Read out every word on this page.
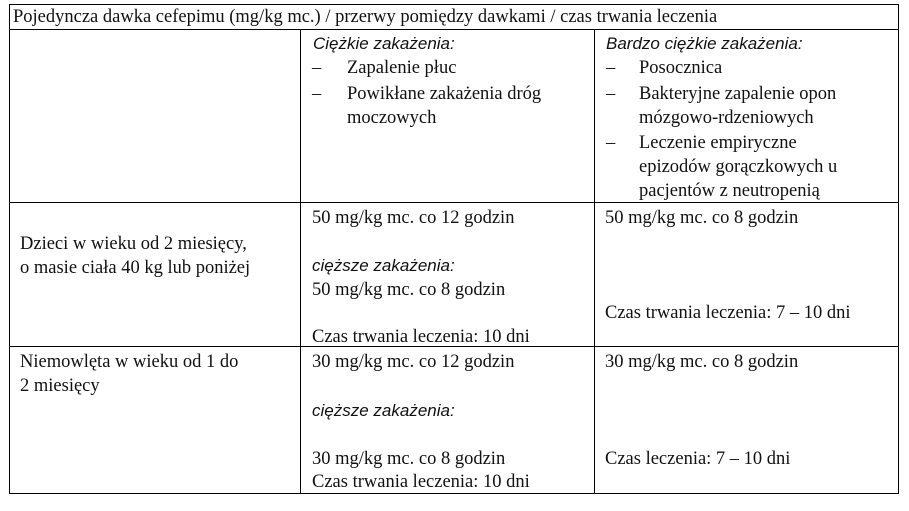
Pojedyncza dawka cefepimu (mg/kg mc.) / przerwy pomiędzy dawkami / czas trwania leczenia
Ciężkie zakażenia:
– Zapalenie płuc
– Powikłane zakażenia dróg
moczowych
Bardzo ciężkie zakażenia:
– Posocznica
– Bakteryjne zapalenie opon
mózgowo-rdzeniowych
– Leczenie empiryczne
epizodów gorączkowych u
pacjentów z neutropenią
Dzieci w wieku od 2 miesięcy,
o masie ciała 40 kg lub poniżej
50 mg/kg mc. co 12 godzin
cięższe zakażenia:
50 mg/kg mc. co 8 godzin
Czas trwania leczenia: 10 dni
50 mg/kg mc. co 8 godzin
Czas trwania leczenia: 7 – 10 dni
Niemowlęta w wieku od 1 do
2 miesięcy
30 mg/kg mc. co 12 godzin
cięższe zakażenia:
30 mg/kg mc. co 8 godzin
Czas trwania leczenia: 10 dni
30 mg/kg mc. co 8 godzin
Czas leczenia: 7 – 10 dni
